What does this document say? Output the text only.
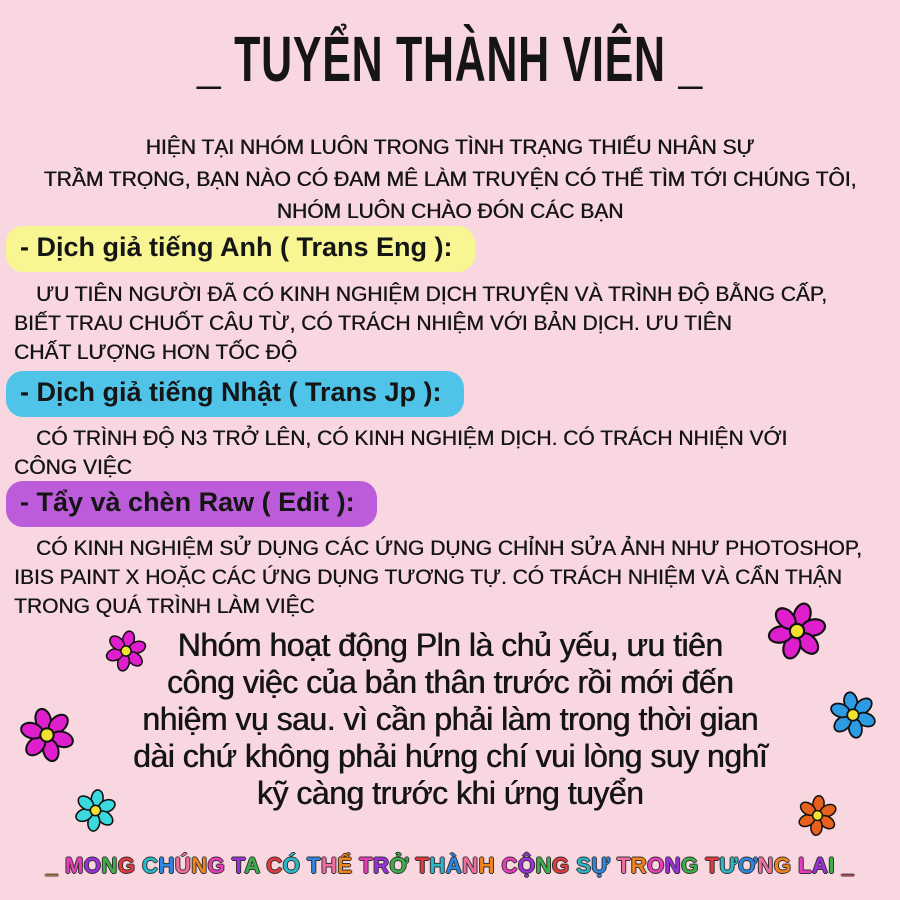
_ TUYỂN THÀNH VIÊN _
HIỆN TẠI NHÓM LUÔN TRONG TÌNH TRẠNG THIẾU NHÂN SỰ
TRẦM TRỌNG, BẠN NÀO CÓ ĐAM MÊ LÀM TRUYỆN CÓ THỂ TÌM TỚI CHÚNG TÔI,
NHÓM LUÔN CHÀO ĐÓN CÁC BẠN
- Dịch giả tiếng Anh ( Trans Eng ):
ƯU TIÊN NGƯỜI ĐÃ CÓ KINH NGHIỆM DỊCH TRUYỆN VÀ TRÌNH ĐỘ BẰNG CẤP,
BIẾT TRAU CHUỐT CÂU TỪ, CÓ TRÁCH NHIỆM VỚI BẢN DỊCH. ƯU TIÊN
CHẤT LƯỢNG HƠN TỐC ĐỘ
- Dịch giả tiếng Nhật ( Trans Jp ):
CÓ TRÌNH ĐỘ N3 TRỞ LÊN, CÓ KINH NGHIỆM DỊCH. CÓ TRÁCH NHIỆN VỚI
CÔNG VIỆC
- Tẩy và chèn Raw ( Edit ):
CÓ KINH NGHIỆM SỬ DỤNG CÁC ỨNG DỤNG CHỈNH SỬA ẢNH NHƯ PHOTOSHOP,
IBIS PAINT X HOẶC CÁC ỨNG DỤNG TƯƠNG TỰ. CÓ TRÁCH NHIỆM VÀ CẨN THẬN
TRONG QUÁ TRÌNH LÀM VIỆC
Nhóm hoạt động Pln là chủ yếu, ưu tiên
công việc của bản thân trước rồi mới đến
nhiệm vụ sau. vì cần phải làm trong thời gian
dài chứ không phải hứng chí vui lòng suy nghĩ
kỹ càng trước khi ứng tuyển
_ MONG CHÚNG TA CÓ THỂ TRỞ THÀNH CỘNG SỰ TRONG TƯƠNG LAI _
